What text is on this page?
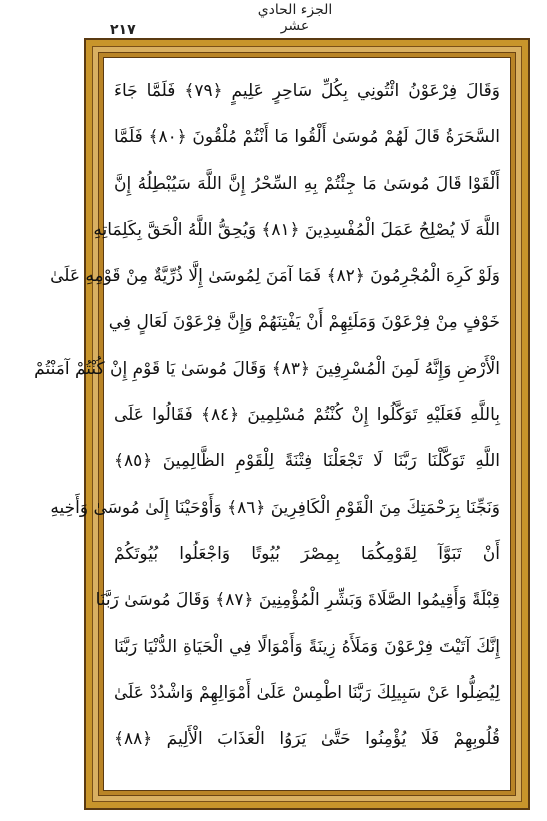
الجزء الحادي عشر
٢١٧
وَقَالَ فِرْعَوْنُ ائْتُونِي بِكُلِّ سَاحِرٍ عَلِيمٍ ﴿٧٩﴾ فَلَمَّا جَاءَ
السَّحَرَةُ قَالَ لَهُمْ مُوسَىٰ أَلْقُوا مَا أَنْتُمْ مُلْقُونَ ﴿٨٠﴾ فَلَمَّا
أَلْقَوْا قَالَ مُوسَىٰ مَا جِئْتُمْ بِهِ السِّحْرُ إِنَّ اللَّهَ سَيُبْطِلُهُ إِنَّ
اللَّهَ لَا يُصْلِحُ عَمَلَ الْمُفْسِدِينَ ﴿٨١﴾ وَيُحِقُّ اللَّهُ الْحَقَّ بِكَلِمَاتِهِ
وَلَوْ كَرِهَ الْمُجْرِمُونَ ﴿٨٢﴾ فَمَا آمَنَ لِمُوسَىٰ إِلَّا ذُرِّيَّةٌ مِنْ قَوْمِهِ عَلَىٰ
خَوْفٍ مِنْ فِرْعَوْنَ وَمَلَئِهِمْ أَنْ يَفْتِنَهُمْ وَإِنَّ فِرْعَوْنَ لَعَالٍ فِي
الْأَرْضِ وَإِنَّهُ لَمِنَ الْمُسْرِفِينَ ﴿٨٣﴾ وَقَالَ مُوسَىٰ يَا قَوْمِ إِنْ كُنْتُمْ آمَنْتُمْ
بِاللَّهِ فَعَلَيْهِ تَوَكَّلُوا إِنْ كُنْتُمْ مُسْلِمِينَ ﴿٨٤﴾ فَقَالُوا عَلَى
اللَّهِ تَوَكَّلْنَا رَبَّنَا لَا تَجْعَلْنَا فِتْنَةً لِلْقَوْمِ الظَّالِمِينَ ﴿٨٥﴾
وَنَجِّنَا بِرَحْمَتِكَ مِنَ الْقَوْمِ الْكَافِرِينَ ﴿٨٦﴾ وَأَوْحَيْنَا إِلَىٰ مُوسَىٰ وَأَخِيهِ
أَنْ تَبَوَّآ لِقَوْمِكُمَا بِمِصْرَ بُيُوتًا وَاجْعَلُوا بُيُوتَكُمْ
قِبْلَةً وَأَقِيمُوا الصَّلَاةَ وَبَشِّرِ الْمُؤْمِنِينَ ﴿٨٧﴾ وَقَالَ مُوسَىٰ رَبَّنَا
إِنَّكَ آتَيْتَ فِرْعَوْنَ وَمَلَأَهُ زِينَةً وَأَمْوَالًا فِي الْحَيَاةِ الدُّنْيَا رَبَّنَا
لِيُضِلُّوا عَنْ سَبِيلِكَ رَبَّنَا اطْمِسْ عَلَىٰ أَمْوَالِهِمْ وَاشْدُدْ عَلَىٰ
قُلُوبِهِمْ فَلَا يُؤْمِنُوا حَتَّىٰ يَرَوُا الْعَذَابَ الْأَلِيمَ ﴿٨٨﴾
